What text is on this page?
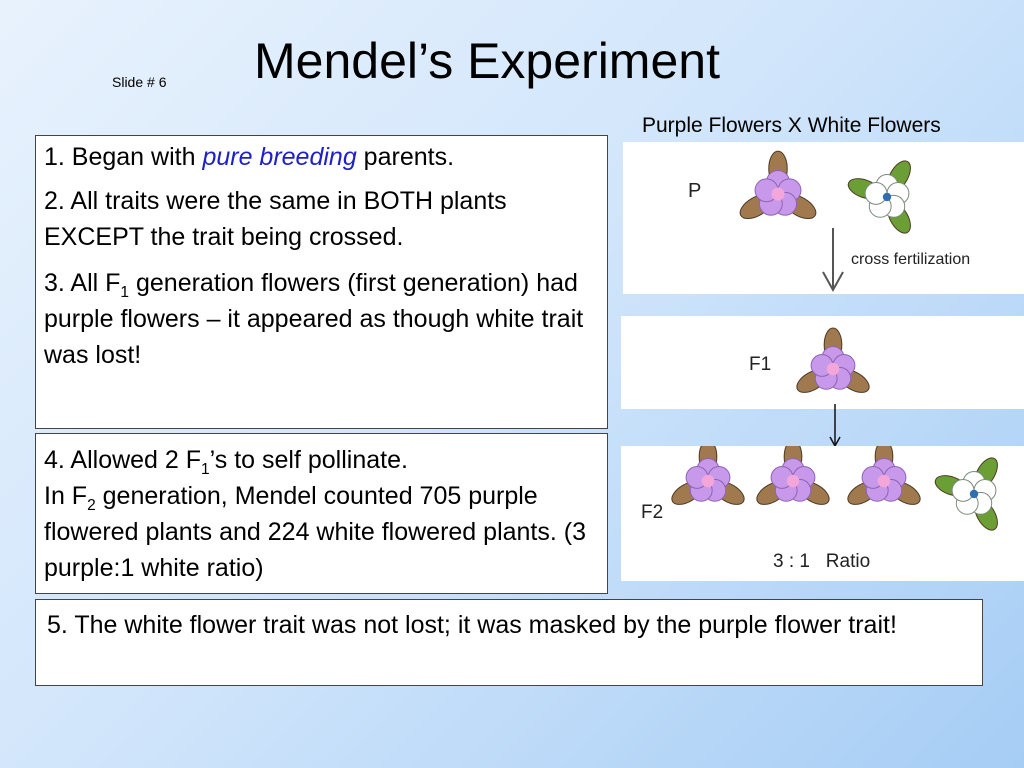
Slide # 6 Mendel’s Experiment
Purple Flowers X White Flowers

1. Began with pure breeding parents.

2. All traits were the same in BOTH plants EXCEPT the trait being crossed.

3. All $F_1$ generation flowers (first generation) had purple flowers – it appeared as though white trait was lost!

4. Allowed 2 $F_1’s$ to self pollinate.

In $F_2$ generation, Mendel counted 705 purple flowered plants and 224 white flowered plants. (3 purple:1 white ratio)

5. The white flower trait was not lost; it was masked by the purple flower trait!

P
cross fertilization
F1
F2
3 : 1   Ratio
